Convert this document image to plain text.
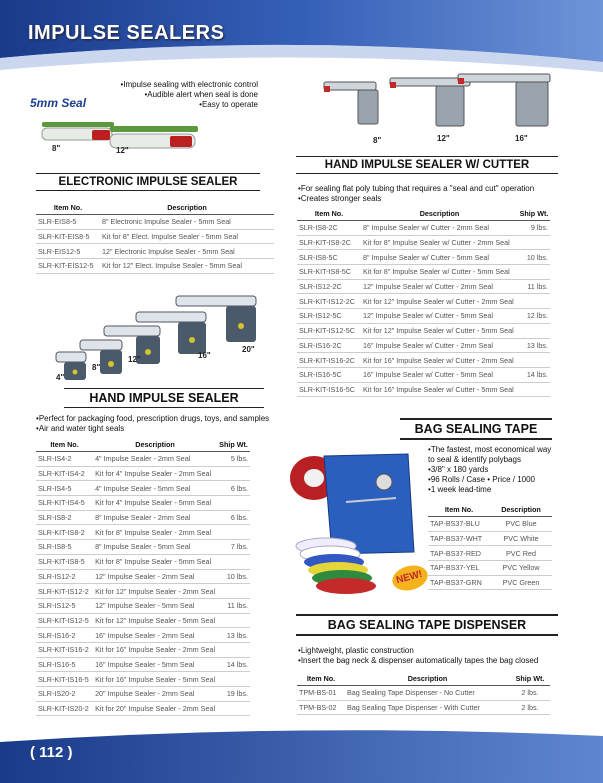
IMPULSE SEALERS
5mm Seal
8"	12"
• Impulse sealing with electronic control
• Audible alert when seal is done
• Easy to operate
ELECTRONIC IMPULSE SEALER
Item No.	Description
SLR-EIS8-5	8" Electronic Impulse Sealer - 5mm Seal
SLR-KIT-EIS8-5	Kit for 8" Elect. Impulse Sealer - 5mm Seal
SLR-EIS12-5	12" Electronic Impulse Sealer - 5mm Seal
SLR-KIT-EIS12-5	Kit for 12" Elect. Impulse Sealer - 5mm Seal
4"
8"
12"	16"
20"
HAND IMPULSE SEALER
• Perfect for packaging food, prescription drugs, toys, and samples
• Air and water tight seals
Item No.	Description	Ship Wt.
SLR-IS4-2	4" Impulse Sealer - 2mm Seal	5 lbs.
SLR-KIT-IS4-2	Kit for 4" Impulse Sealer - 2mm Seal	
SLR-IS4-5	4" Impulse Sealer - 5mm Seal	6 lbs.
SLR-KIT-IS4-5	Kit for 4" Impulse Sealer - 5mm Seal	
SLR-IS8-2	8" Impulse Sealer - 2mm Seal	6 lbs.
SLR-KIT-IS8-2	Kit for 8" Impulse Sealer - 2mm Seal	
SLR-IS8-5	8" Impulse Sealer - 5mm Seal	7 lbs.
SLR-KIT-IS8-5	Kit for 8" Impulse Sealer - 5mm Seal	
SLR-IS12-2	12" Impulse Sealer - 2mm Seal	10 lbs.
SLR-KIT-IS12-2	Kit for 12" Impulse Sealer - 2mm Seal	
SLR-IS12-5	12" Impulse Sealer - 5mm Seal	11 lbs.
SLR-KIT-IS12-5	Kit for 12" Impulse Sealer - 5mm Seal	
SLR-IS16-2	16" Impulse Sealer - 2mm Seal	13 lbs.
SLR-KIT-IS16-2	Kit for 16" Impulse Sealer - 2mm Seal	
SLR-IS16-5	16" Impulse Sealer - 5mm Seal	14 lbs.
SLR-KIT-IS16-5	Kit for 16" Impulse Sealer - 5mm Seal	
SLR-IS20-2	20" Impulse Sealer - 2mm Seal	19 lbs.
SLR-KIT-IS20-2	Kit for 20" Impulse Sealer - 2mm Seal	
8"	12"	16"
HAND IMPULSE SEALER W/ CUTTER
• For sealing flat poly tubing that requires a "seal and cut" operation
• Creates stronger seals
Item No.	Description	Ship Wt.
SLR-IS8-2C	8" Impulse Sealer w/ Cutter - 2mm Seal	9 lbs.
SLR-KIT-IS8-2C	Kit for 8" Impulse Sealer w/ Cutter - 2mm Seal	
SLR-IS8-5C	8" Impulse Sealer w/ Cutter - 5mm Seal	10 lbs.
SLR-KIT-IS8-5C	Kit for 8" Impulse Sealer w/ Cutter - 5mm Seal	
SLR-IS12-2C	12" Impulse Sealer w/ Cutter - 2mm Seal	11 lbs.
SLR-KIT-IS12-2C	Kit for 12" Impulse Sealer w/ Cutter - 2mm Seal	
SLR-IS12-5C	12" Impulse Sealer w/ Cutter - 5mm Seal	12 lbs.
SLR-KIT-IS12-5C	Kit for 12" Impulse Sealer w/ Cutter - 5mm Seal	
SLR-IS16-2C	16" Impulse Sealer w/ Cutter - 2mm Seal	13 lbs.
SLR-KIT-IS16-2C	Kit for 16" Impulse Sealer w/ Cutter - 2mm Seal	
SLR-IS16-5C	16" Impulse Sealer w/ Cutter - 5mm Seal	14 lbs.
SLR-KIT-IS16-5C	Kit for 16" Impulse Sealer w/ Cutter - 5mm Seal	
BAG SEALING TAPE
NEW!
• The fastest, most economical way to seal & identify polybags
• 3/8" x 180 yards
• 96 Rolls / Case • Price / 1000
• 1 week lead-time
Item No.	Description
TAP-BS37-BLU	PVC Blue
TAP-BS37-WHT	PVC White
TAP-BS37-RED	PVC Red
TAP-BS37-YEL	PVC Yellow
TAP-BS37-GRN	PVC Green
BAG SEALING TAPE DISPENSER
• Lightweight, plastic construction
• Insert the bag neck & dispenser automatically tapes the bag closed
Item No.	Description	Ship Wt.
TPM-BS-01	Bag Sealing Tape Dispenser - No Cutter	2 lbs.
TPM-BS-02	Bag Sealing Tape Dispenser - With Cutter	2 lbs.
( 112 )
